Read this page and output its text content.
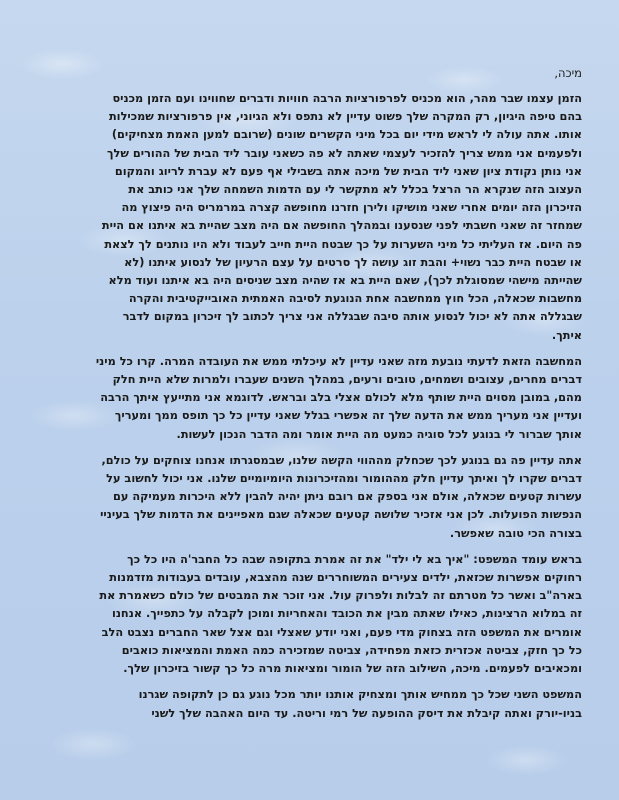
מיכה,

הזמן עצמו שבר מהר, הוא מכניס לפרפורציות הרבה חוויות ודברים שחווינו ועם הזמן מכניס בהם טיפה היגיון, רק המקרה שלך פשוט עדיין לא נתפס ולא הגיוני, אין פרפורציות שמכילות אותו. אתה עולה לי לראש מידי יום בכל מיני הקשרים שונים (שרובם למען האמת מצחיקים) ולפעמים אני ממש צריך להזכיר לעצמי שאתה לא פה כשאני עובר ליד הבית של ההורים שלך אני נותן נקודת ציון שאני ליד הבית של מיכה אתה בשבילי אף פעם לא עברת לריוג והמקום העצוב הזה שנקרא הר הרצל בכלל לא מתקשר לי עם הדמות השמחה שלך אני כותב את הזיכרון הזה יומים אחרי שאני מושיקו ולירן חזרנו מחופשה קצרה במרמריס היה פיצוץ מה שמחזר זה שאני חשבתי לפני שנסענו ובמהלך החופשה אם היה מצב שהיית בא איתנו אם היית פה היום. אז העליתי כל מיני השערות על כך שבטח היית חייב לעבוד ולא היו נותנים לך לצאת או שבטח היית כבר נשוי+ והבת זוג עושה לך סרטים על עצם הרעיון של לנסוע איתנו (לא שהייתה מישהי שמסוגלת לכך), שאם היית בא אז שהיה מצב שניסים היה בא איתנו ועוד מלא מחשבות שכאלה, הכל חוץ ממחשבה אחת הנוגעת לסיבה האמתית האובייקטיבית והקרה שבגללה אתה לא יכול לנסוע אותה סיבה שבגללה אני צריך לכתוב לך זיכרון במקום לדבר איתך.

המחשבה הזאת לדעתי נובעת מזה שאני עדיין לא עיכלתי ממש את העובדה המרה. קרו כל מיני דברים מחרים, עצובים ושמחים, טובים ורעים, במהלך השנים שעברו ולמרות שלא היית חלק מהם, במובן מסוים היית שותף מלא לכולם אצלי בלב ובראש. לדוגמא אני מתייעץ איתך הרבה ועדיין אני מעריך ממש את הדעה שלך זה אפשרי בגלל שאני עדיין כל כך תופס ממך ומעריך אותך שברור לי בנוגע לכל סוגיה כמעט מה היית אומר ומה הדבר הנכון לעשות.

אתה עדיין פה גם בנוגע לכך שכחלק מההווי הקשה שלנו, שבמסגרתו אנחנו צוחקים על כולם, דברים שקרו לך ואיתך עדיין חלק מההומור ומהזיכרונות היומיומיים שלנו. אני יכול לחשוב על עשרות קטעים שכאלה, אולם אני בספק אם רובם ניתן יהיה להבין ללא היכרות מעמיקה עם הנפשות הפועלות. לכן אני אזכיר שלושה קטעים שכאלה שגם מאפיינים את הדמות שלך בעיניי בצורה הכי טובה שאפשר.

בראש עומד המשפט: "איך בא לי ילד" את זה אמרת בתקופה שבה כל החבר'ה היו כל כך רחוקים אפשרות שכזאת, ילדים צעירים המשוחררים שנה מהצבא, עובדים בעבודות מזדמנות בארה"ב ואשר כל מטרתם זה לבלות ולפרוק עול. אני זוכר את המבטים של כולם כשאמרת את זה במלוא הרצינות, כאילו שאתה מבין את הכובד והאחריות ומוכן לקבלה על כתפייך. אנחנו אומרים את המשפט הזה בצחוק מדי פעם, ואני יודע שאצלי וגם אצל שאר החברים נצבט הלב כל כך חזק, צביטה אכזרית כזאת מפחידה, צביטה שמזכירה כמה האמת והמציאות כואבים ומכאיבים לפעמים. מיכה, השילוב הזה של הומור ומציאות מרה כל כך קשור בזיכרון שלך.

המשפט השני שכל כך ממחיש אותך ומצחיק אותנו יותר מכל נוגע גם כן לתקופה שגרנו בניו-יורק ואתה קיבלת את דיסק ההופעה של רמי וריטה. עד היום האהבה שלך לשני
